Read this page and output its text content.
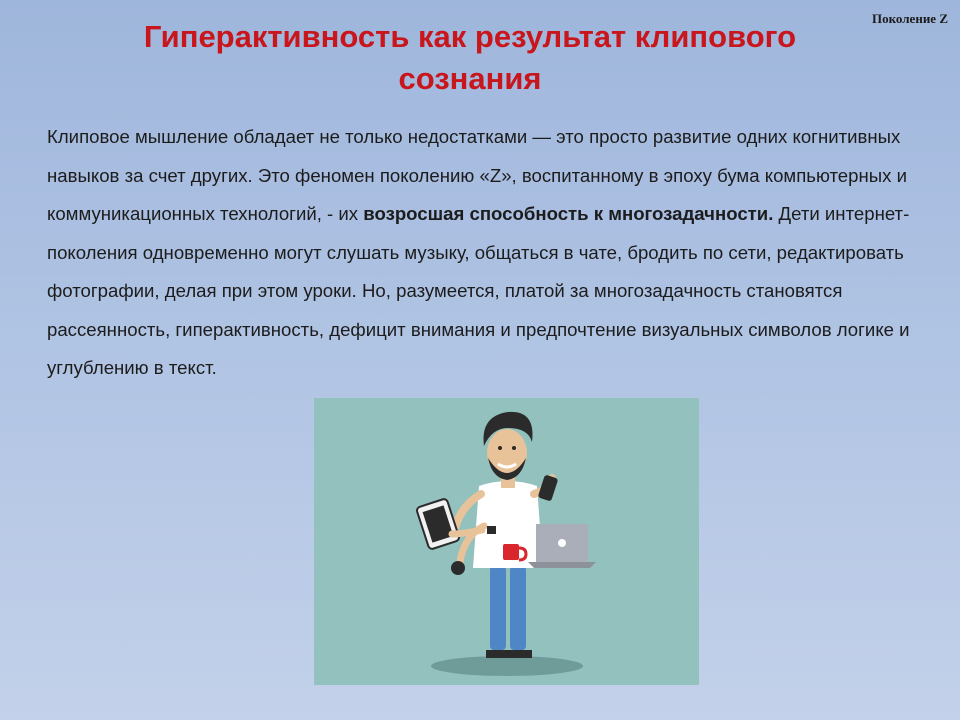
Поколение Z
Гиперактивность как результат клипового
сознания
Клиповое мышление обладает не только недостатками — это просто развитие одних когнитивных навыков за счет других. Это феномен поколению «Z», воспитанному в эпоху бума компьютерных и коммуникационных технологий, - их возросшая способность к многозадачности. Дети интернет-поколения одновременно могут слушать музыку, общаться в чате, бродить по сети, редактировать фотографии, делая при этом уроки. Но, разумеется, платой за многозадачность становятся рассеянность, гиперактивность, дефицит внимания и предпочтение визуальных символов логике и углублению в текст.
